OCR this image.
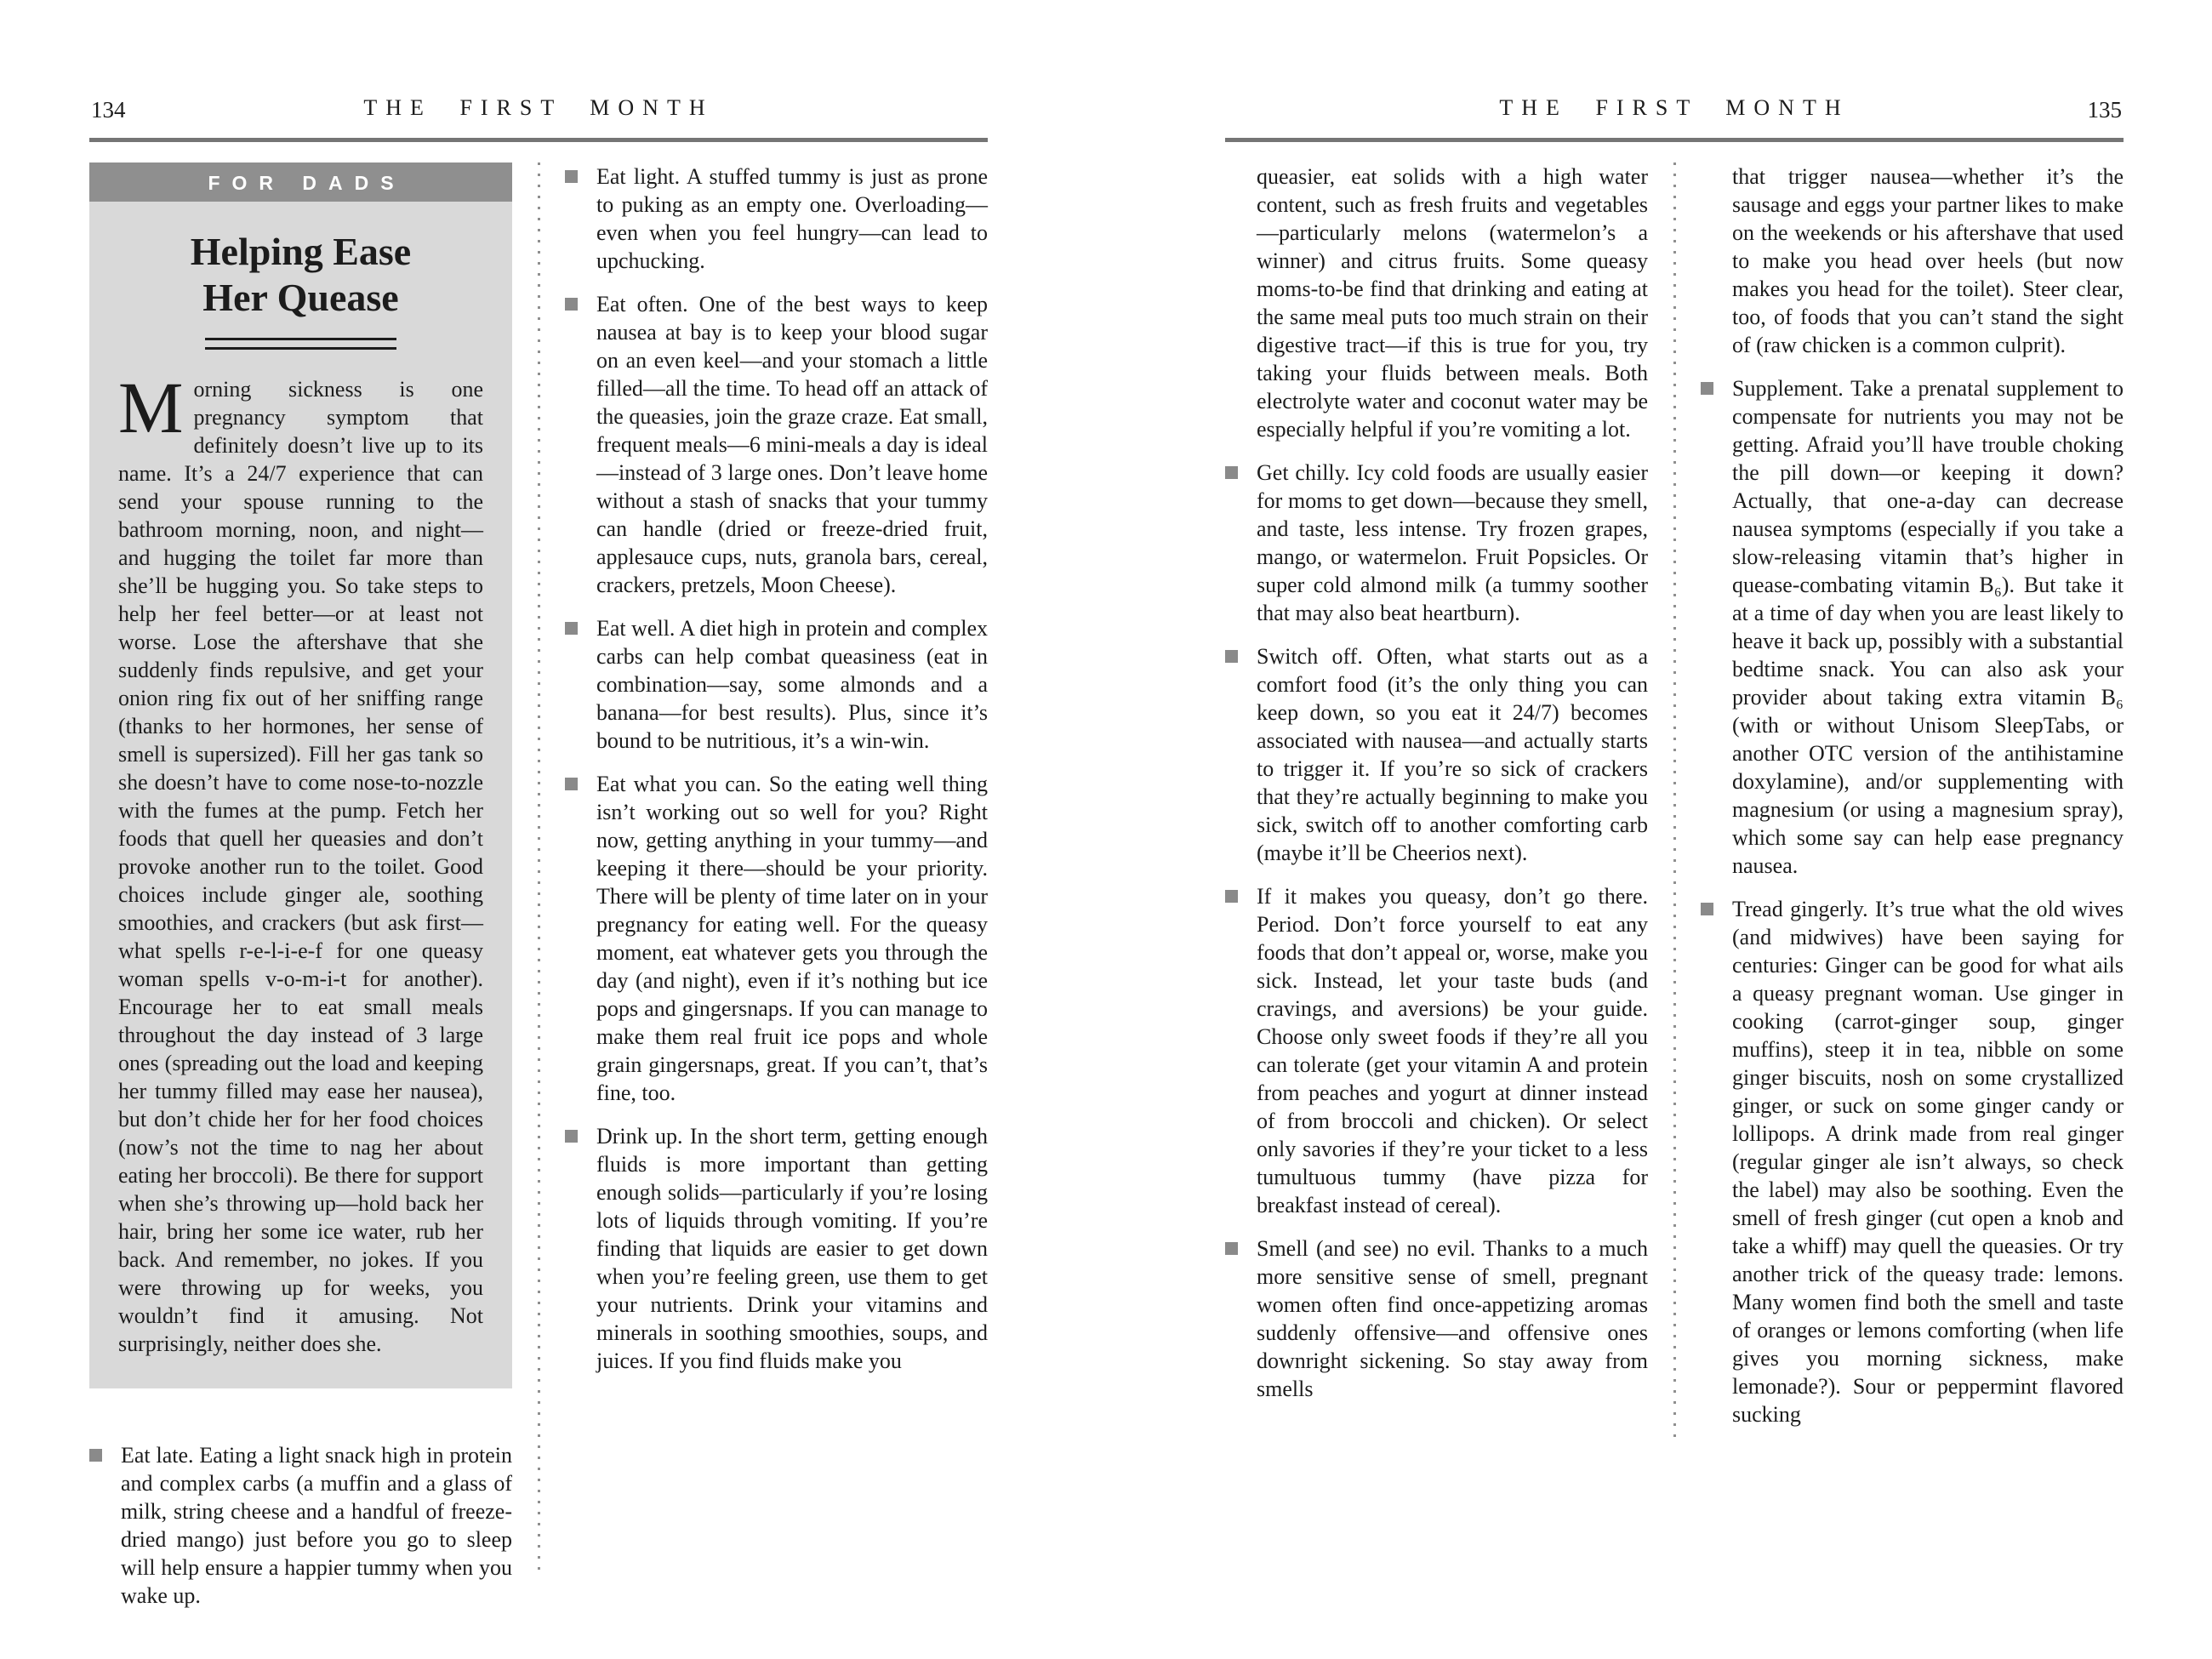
134	THE FIRST MONTH
FOR DADS
Helping Ease
Her Quease

Morning sickness is one pregnancy symptom that definitely doesn’t live up to its name. It’s a 24/7 experience that can send your spouse running to the bathroom morning, noon, and night—and hugging the toilet far more than she’ll be hugging you. So take steps to help her feel better—or at least not worse. Lose the aftershave that she suddenly finds repulsive, and get your onion ring fix out of her sniffing range (thanks to her hormones, her sense of smell is supersized). Fill her gas tank so she doesn’t have to come nose-to-nozzle with the fumes at the pump. Fetch her foods that quell her queasies and don’t provoke another run to the toilet. Good choices include ginger ale, soothing smoothies, and crackers (but ask first—what spells r-e-l-i-e-f for one queasy woman spells v-o-m-i-t for another). Encourage her to eat small meals throughout the day instead of 3 large ones (spreading out the load and keeping her tummy filled may ease her nausea), but don’t chide her for her food choices (now’s not the time to nag her about eating her broccoli). Be there for support when she’s throwing up—hold back her hair, bring her some ice water, rub her back. And remember, no jokes. If you were throwing up for weeks, you wouldn’t find it amusing. Not surprisingly, neither does she.

Eat late. Eating a light snack high in protein and complex carbs (a muffin and a glass of milk, string cheese and a handful of freeze-dried mango) just before you go to sleep will help ensure a happier tummy when you wake up.

Eat light. A stuffed tummy is just as prone to puking as an empty one. Overloading—even when you feel hungry—can lead to upchucking.

Eat often. One of the best ways to keep nausea at bay is to keep your blood sugar on an even keel—and your stomach a little filled—all the time. To head off an attack of the queasies, join the graze craze. Eat small, frequent meals—6 mini-meals a day is ideal—instead of 3 large ones. Don’t leave home without a stash of snacks that your tummy can handle (dried or freeze-dried fruit, applesauce cups, nuts, granola bars, cereal, crackers, pretzels, Moon Cheese).

Eat well. A diet high in protein and complex carbs can help combat queasiness (eat in combination—say, some almonds and a banana—for best results). Plus, since it’s bound to be nutritious, it’s a win-win.

Eat what you can. So the eating well thing isn’t working out so well for you? Right now, getting anything in your tummy—and keeping it there—should be your priority. There will be plenty of time later on in your pregnancy for eating well. For the queasy moment, eat whatever gets you through the day (and night), even if it’s nothing but ice pops and gingersnaps. If you can manage to make them real fruit ice pops and whole grain gingersnaps, great. If you can’t, that’s fine, too.

Drink up. In the short term, getting enough fluids is more important than getting enough solids—particularly if you’re losing lots of liquids through vomiting. If you’re finding that liquids are easier to get down when you’re feeling green, use them to get your nutrients. Drink your vitamins and minerals in soothing smoothies, soups, and juices. If you find fluids make you

THE FIRST MONTH	135

queasier, eat solids with a high water content, such as fresh fruits and vegetables—particularly melons (watermelon’s a winner) and citrus fruits. Some queasy moms-to-be find that drinking and eating at the same meal puts too much strain on their digestive tract—if this is true for you, try taking your fluids between meals. Both electrolyte water and coconut water may be especially helpful if you’re vomiting a lot.

Get chilly. Icy cold foods are usually easier for moms to get down—because they smell, and taste, less intense. Try frozen grapes, mango, or watermelon. Fruit Popsicles. Or super cold almond milk (a tummy soother that may also beat heartburn).

Switch off. Often, what starts out as a comfort food (it’s the only thing you can keep down, so you eat it 24/7) becomes associated with nausea—and actually starts to trigger it. If you’re so sick of crackers that they’re actually beginning to make you sick, switch off to another comforting carb (maybe it’ll be Cheerios next).

If it makes you queasy, don’t go there. Period. Don’t force yourself to eat any foods that don’t appeal or, worse, make you sick. Instead, let your taste buds (and cravings, and aversions) be your guide. Choose only sweet foods if they’re all you can tolerate (get your vitamin A and protein from peaches and yogurt at dinner instead of from broccoli and chicken). Or select only savories if they’re your ticket to a less tumultuous tummy (have pizza for breakfast instead of cereal).

Smell (and see) no evil. Thanks to a much more sensitive sense of smell, pregnant women often find once-appetizing aromas suddenly offensive—and offensive ones downright sickening. So stay away from smells

that trigger nausea—whether it’s the sausage and eggs your partner likes to make on the weekends or his aftershave that used to make you head over heels (but now makes you head for the toilet). Steer clear, too, of foods that you can’t stand the sight of (raw chicken is a common culprit).

Supplement. Take a prenatal supplement to compensate for nutrients you may not be getting. Afraid you’ll have trouble choking the pill down—or keeping it down? Actually, that one-a-day can decrease nausea symptoms (especially if you take a slow-releasing vitamin that’s higher in quease-combating vitamin B₆). But take it at a time of day when you are least likely to heave it back up, possibly with a substantial bedtime snack. You can also ask your provider about taking extra vitamin B₆ (with or without Unisom SleepTabs, or another OTC version of the antihistamine doxylamine), and/or supplementing with magnesium (or using a magnesium spray), which some say can help ease pregnancy nausea.

Tread gingerly. It’s true what the old wives (and midwives) have been saying for centuries: Ginger can be good for what ails a queasy pregnant woman. Use ginger in cooking (carrot-ginger soup, ginger muffins), steep it in tea, nibble on some ginger biscuits, nosh on some crystallized ginger, or suck on some ginger candy or lollipops. A drink made from real ginger (regular ginger ale isn’t always, so check the label) may also be soothing. Even the smell of fresh ginger (cut open a knob and take a whiff) may quell the queasies. Or try another trick of the queasy trade: lemons. Many women find both the smell and taste of oranges or lemons comforting (when life gives you morning sickness, make lemonade?). Sour or peppermint flavored sucking
